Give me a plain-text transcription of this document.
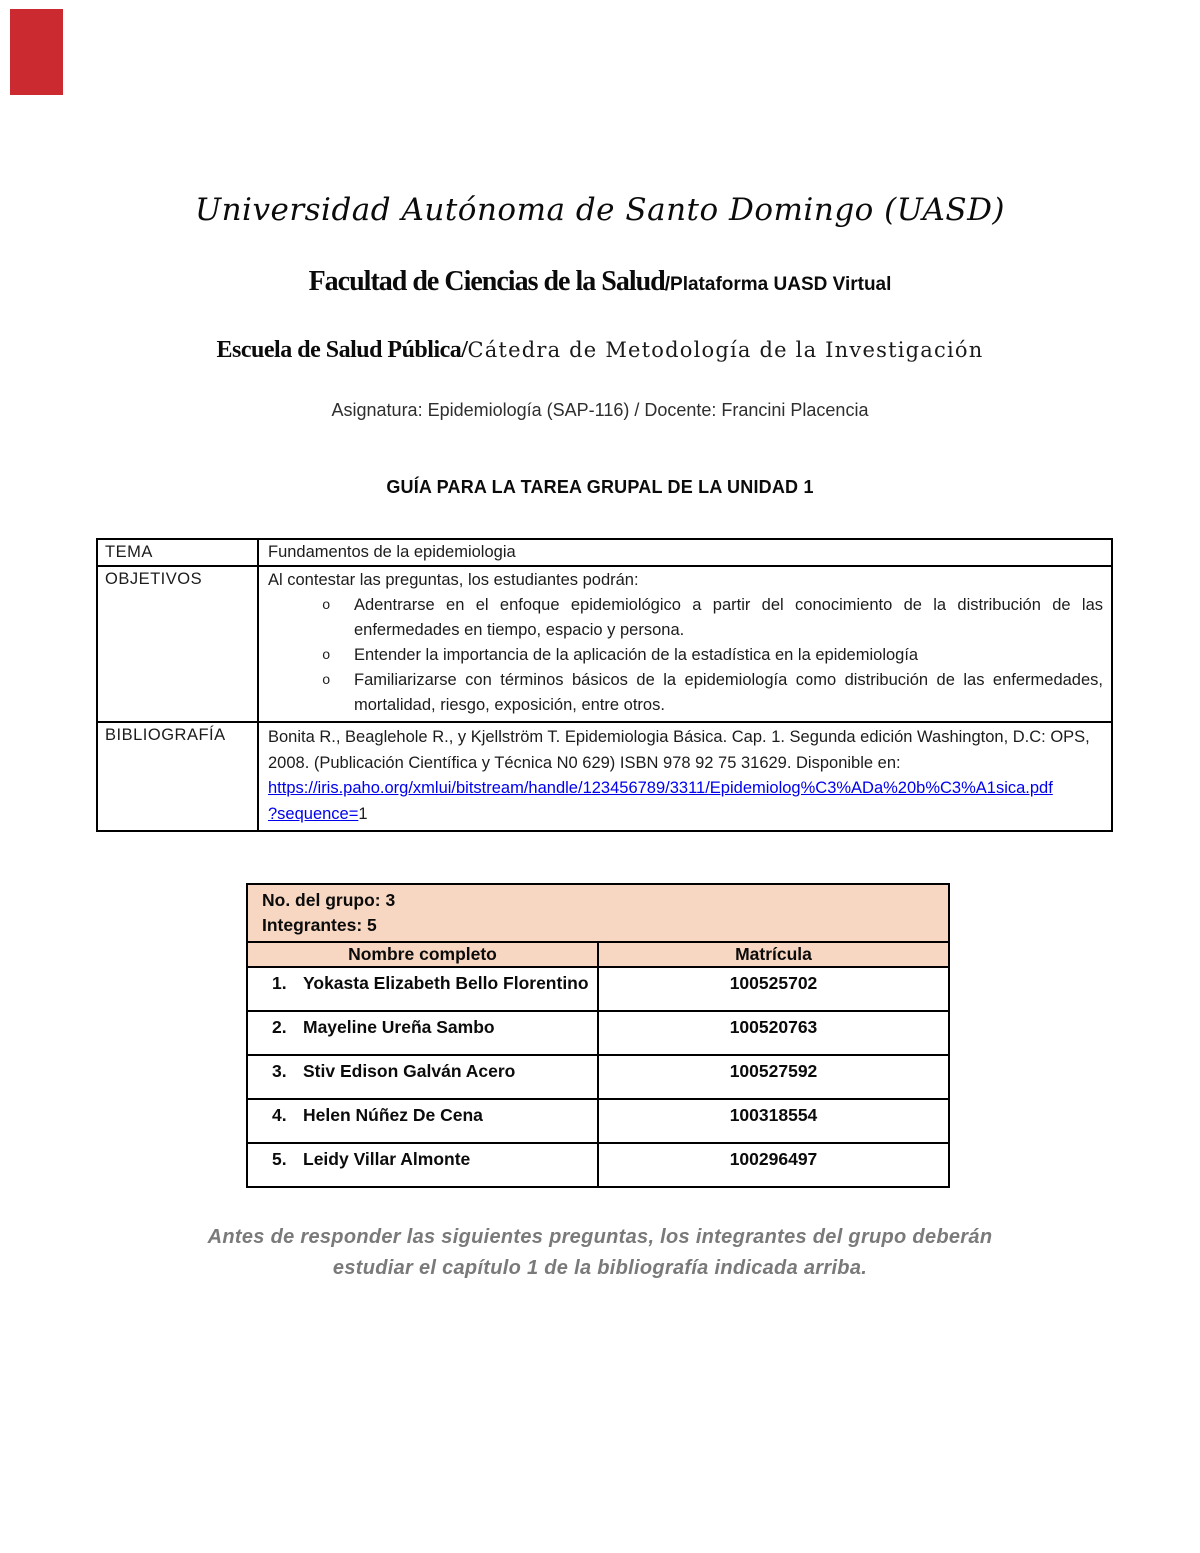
Universidad Autónoma de Santo Domingo (UASD)
Facultad de Ciencias de la Salud /Plataforma UASD Virtual
Escuela de Salud Pública/ Cátedra de Metodología de la Investigación
Asignatura: Epidemiología (SAP-116) / Docente: Francini Placencia
GUÍA PARA LA TAREA GRUPAL DE LA UNIDAD 1
TEMA	Fundamentos de la epidemiologia
OBJETIVOS	Al contestar las preguntas, los estudiantes podrán:
o Adentrarse en el enfoque epidemiológico a partir del conocimiento de la distribución de las enfermedades en tiempo, espacio y persona.
o Entender la importancia de la aplicación de la estadística en la epidemiología
o Familiarizarse con términos básicos de la epidemiología como distribución de las enfermedades, mortalidad, riesgo, exposición, entre otros.

BIBLIOGRAFÍA	Bonita R., Beaglehole R., y Kjellström T. Epidemiologia Básica. Cap. 1. Segunda edición Washington, D.C: OPS, 2008. (Publicación Científica y Técnica N0 629) ISBN 978 92 75 31629. Disponible en:
https://iris.paho.org/xmlui/bitstream/handle/123456789/3311/Epidemiolog%C3%ADa%20b%C3%A1sica.pdf
?sequence=1
No. del grupo: 3
Integrantes: 5	

Nombre completo	Matrícula
1. Yokasta Elizabeth Bello Florentino	100525702
2. Mayeline Ureña Sambo	100520763
3. Stiv Edison Galván Acero	100527592
4. Helen Núñez De Cena	100318554
5. Leidy Villar Almonte	100296497
Antes de responder las siguientes preguntas, los integrantes del grupo deberán
estudiar el capítulo 1 de la bibliografía indicada arriba.
